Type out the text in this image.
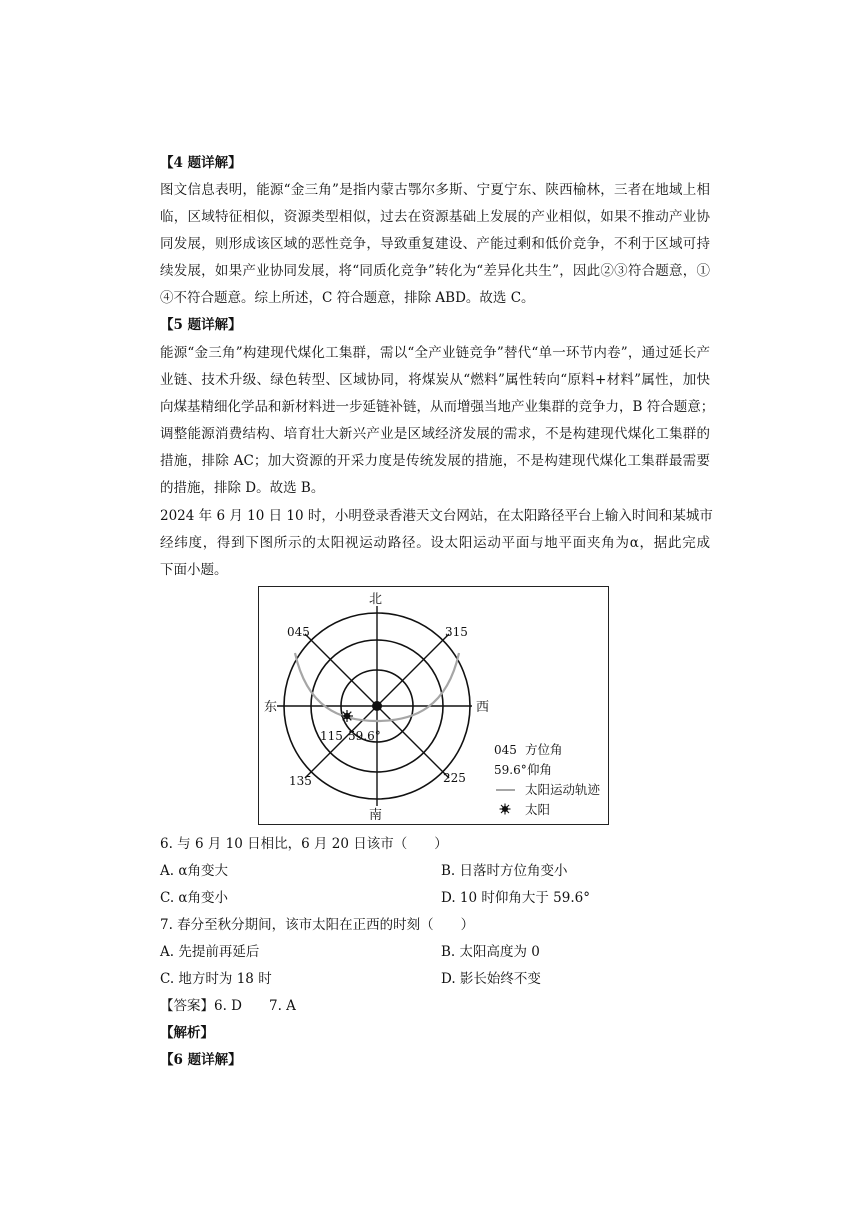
【4 题详解】
图文信息表明，能源“金三角”是指内蒙古鄂尔多斯、宁夏宁东、陕西榆林，三者在地域上相
临，区域特征相似，资源类型相似，过去在资源基础上发展的产业相似，如果不推动产业协
同发展，则形成该区域的恶性竞争，导致重复建设、产能过剩和低价竞争，不利于区域可持
续发展，如果产业协同发展，将“同质化竞争”转化为“差异化共生”，因此②③符合题意，①
④不符合题意。综上所述，C 符合题意，排除 ABD。故选 C。
【5 题详解】
能源“金三角”构建现代煤化工集群，需以“全产业链竞争”替代“单一环节内卷”，通过延长产
业链、技术升级、绿色转型、区域协同，将煤炭从“燃料”属性转向“原料+材料”属性，加快
向煤基精细化学品和新材料进一步延链补链，从而增强当地产业集群的竞争力，B 符合题意；
调整能源消费结构、培育壮大新兴产业是区域经济发展的需求，不是构建现代煤化工集群的
措施，排除 AC；加大资源的开采力度是传统发展的措施，不是构建现代煤化工集群最需要
的措施，排除 D。故选 B。
2024 年 6 月 10 日 10 时，小明登录香港天文台网站，在太阳路径平台上输入时间和某城市
经纬度，得到下图所示的太阳视运动路径。设太阳运动平面与地平面夹角为α，据此完成
下面小题。
北
南
东	西
045	315
135	225
115 59.6°
045 方位角
59.6° 仰角
太阳运动轨迹
太阳
6. 与 6 月 10 日相比，6 月 20 日该市（　　）
A. α角变大	B. 日落时方位角变小
C. α角变小	D. 10 时仰角大于 59.6°
7. 春分至秋分期间，该市太阳在正西的时刻（　　）
A. 先提前再延后	B. 太阳高度为 0
C. 地方时为 18 时	D. 影长始终不变
【答案】6. D　　7. A
【解析】
【6 题详解】
